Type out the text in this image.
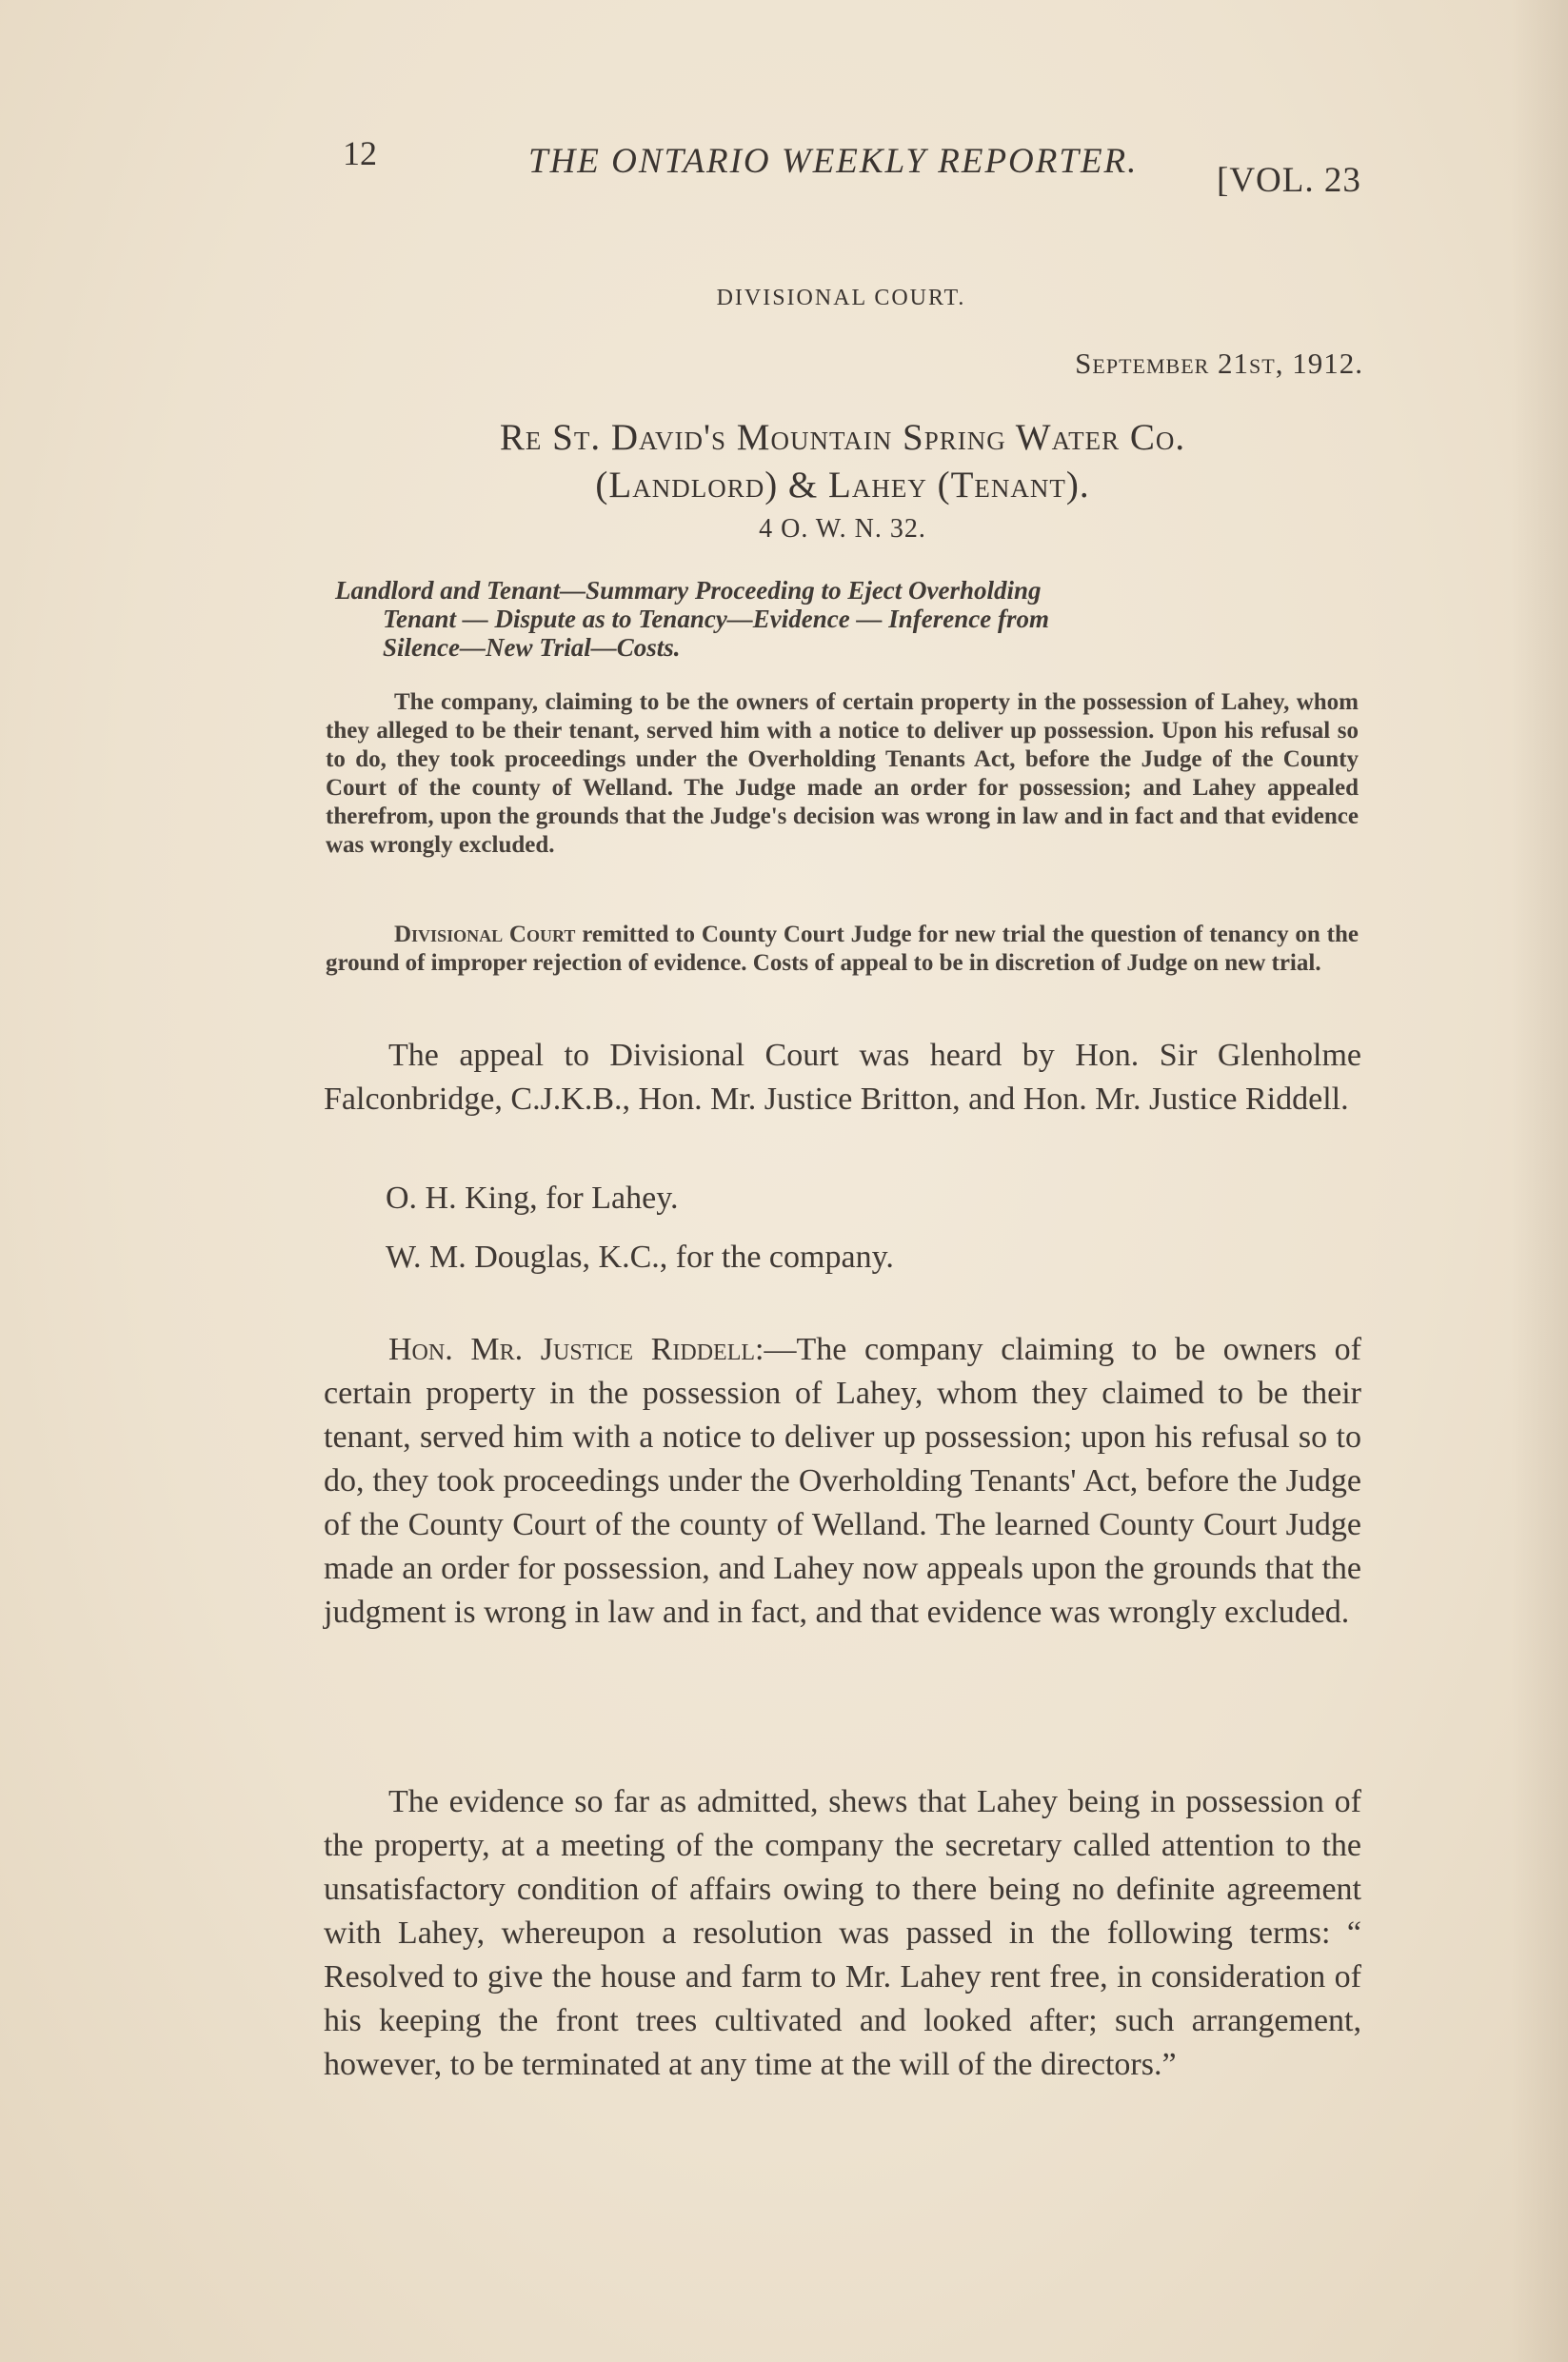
12	THE ONTARIO WEEKLY REPORTER. [VOL. 23
DIVISIONAL COURT.
September 21st, 1912.
Re St. David's Mountain Spring Water Co.
(Landlord) & Lahey (Tenant).
4 O. W. N. 32.
Landlord and Tenant—Summary Proceeding to Eject Overholding
Tenant — Dispute as to Tenancy—Evidence — Inference from
Silence—New Trial—Costs.

The company, claiming to be the owners of certain property in the possession of Lahey, whom they alleged to be their tenant, served him with a notice to deliver up possession. Upon his refusal so to do, they took proceedings under the Overholding Tenants Act, before the Judge of the County Court of the county of Welland. The Judge made an order for possession; and Lahey appealed therefrom, upon the grounds that the Judge's decision was wrong in law and in fact and that evidence was wrongly excluded.

Divisional Court remitted to County Court Judge for new trial the question of tenancy on the ground of improper rejection of evidence. Costs of appeal to be in discretion of Judge on new trial.

The appeal to Divisional Court was heard by Hon. Sir Glenholme Falconbridge, C.J.K.B., Hon. Mr. Justice Britton, and Hon. Mr. Justice Riddell.

O. H. King, for Lahey.
W. M. Douglas, K.C., for the company.

Hon. Mr. Justice Riddell:—The company claiming to be owners of certain property in the possession of Lahey, whom they claimed to be their tenant, served him with a notice to deliver up possession; upon his refusal so to do, they took proceedings under the Overholding Tenants' Act, before the Judge of the County Court of the county of Welland. The learned County Court Judge made an order for possession, and Lahey now appeals upon the grounds that the judgment is wrong in law and in fact, and that evidence was wrongly excluded.

The evidence so far as admitted, shews that Lahey being in possession of the property, at a meeting of the company the secretary called attention to the unsatisfactory condition of affairs owing to there being no definite agreement with Lahey, whereupon a resolution was passed in the following terms: “ Resolved to give the house and farm to Mr. Lahey rent free, in consideration of his keeping the front trees cultivated and looked after; such arrangement, however, to be terminated at any time at the will of the directors.”
